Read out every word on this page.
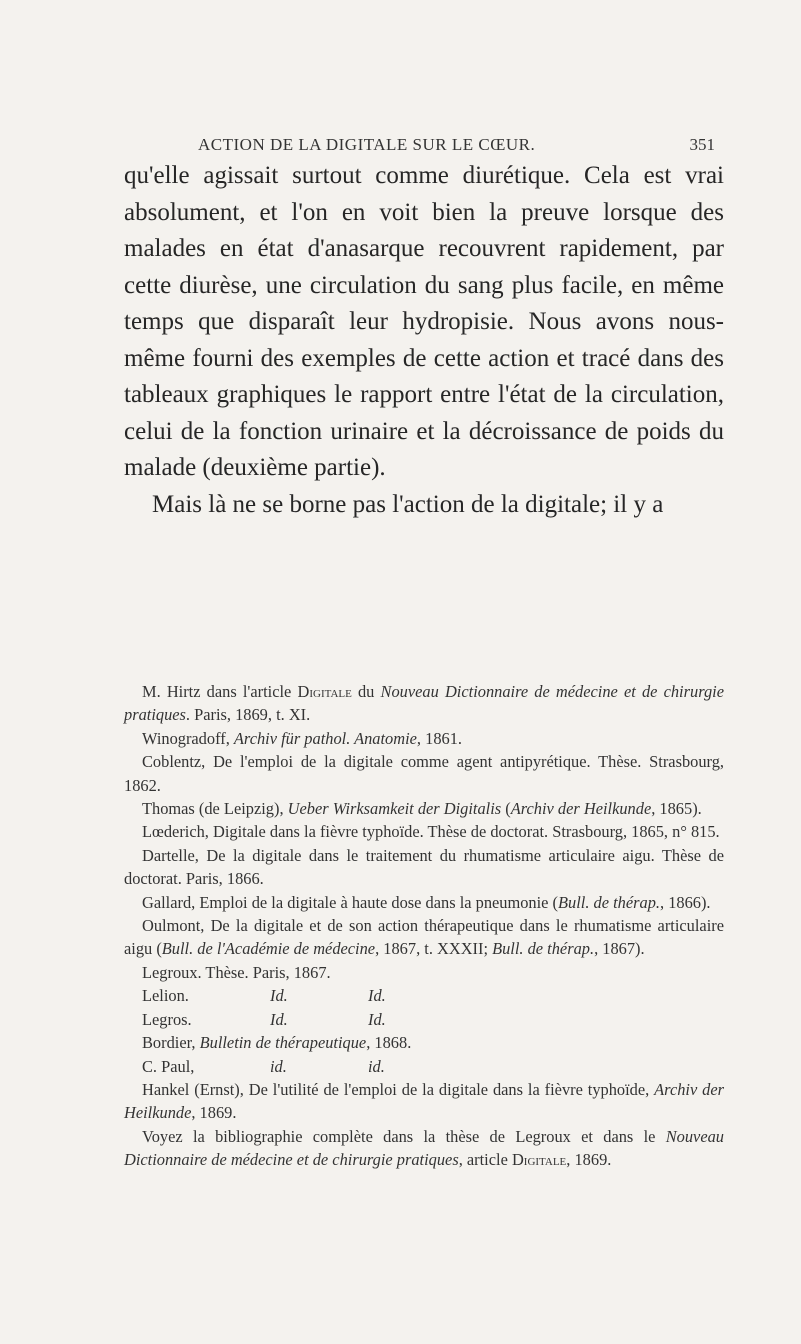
ACTION DE LA DIGITALE SUR LE CŒUR.	351

qu'elle agissait surtout comme diurétique. Cela est vrai absolument, et l'on en voit bien la preuve lorsque des malades en état d'anasarque recouvrent rapidement, par cette diurèse, une circulation du sang plus facile, en même temps que disparaît leur hydropisie. Nous avons nous-même fourni des exemples de cette action et tracé dans des tableaux graphiques le rapport entre l'état de la circulation, celui de la fonction urinaire et la décroissance de poids du malade (deuxième partie).

Mais là ne se borne pas l'action de la digitale; il y a

M. Hirtz dans l'article Digitale du Nouveau Dictionnaire de médecine et de chirurgie pratiques. Paris, 1869, t. XI.

Winogradoff, Archiv für pathol. Anatomie, 1861.

Coblentz, De l'emploi de la digitale comme agent antipyrétique. Thèse. Strasbourg, 1862.

Thomas (de Leipzig), Ueber Wirksamkeit der Digitalis (Archiv der Heilkunde, 1865).

Lœderich, Digitale dans la fièvre typhoïde. Thèse de doctorat. Strasbourg, 1865, n° 815.

Dartelle, De la digitale dans le traitement du rhumatisme articulaire aigu. Thèse de doctorat. Paris, 1866.

Gallard, Emploi de la digitale à haute dose dans la pneumonie (Bull. de thérap., 1866).

Oulmont, De la digitale et de son action thérapeutique dans le rhumatisme articulaire aigu (Bull. de l'Académie de médecine, 1867, t. XXXII; Bull. de thérap., 1867).

Legroux. Thèse. Paris, 1867.

Lelion.	Id.	Id.

Legros.	Id.	Id.

Bordier, Bulletin de thérapeutique, 1868.

C. Paul,	id.	id.

Hankel (Ernst), De l'utilité de l'emploi de la digitale dans la fièvre typhoïde, Archiv der Heilkunde, 1869.

Voyez la bibliographie complète dans la thèse de Legroux et dans le Nouveau Dictionnaire de médecine et de chirurgie pratiques, article Digitale, 1869.
